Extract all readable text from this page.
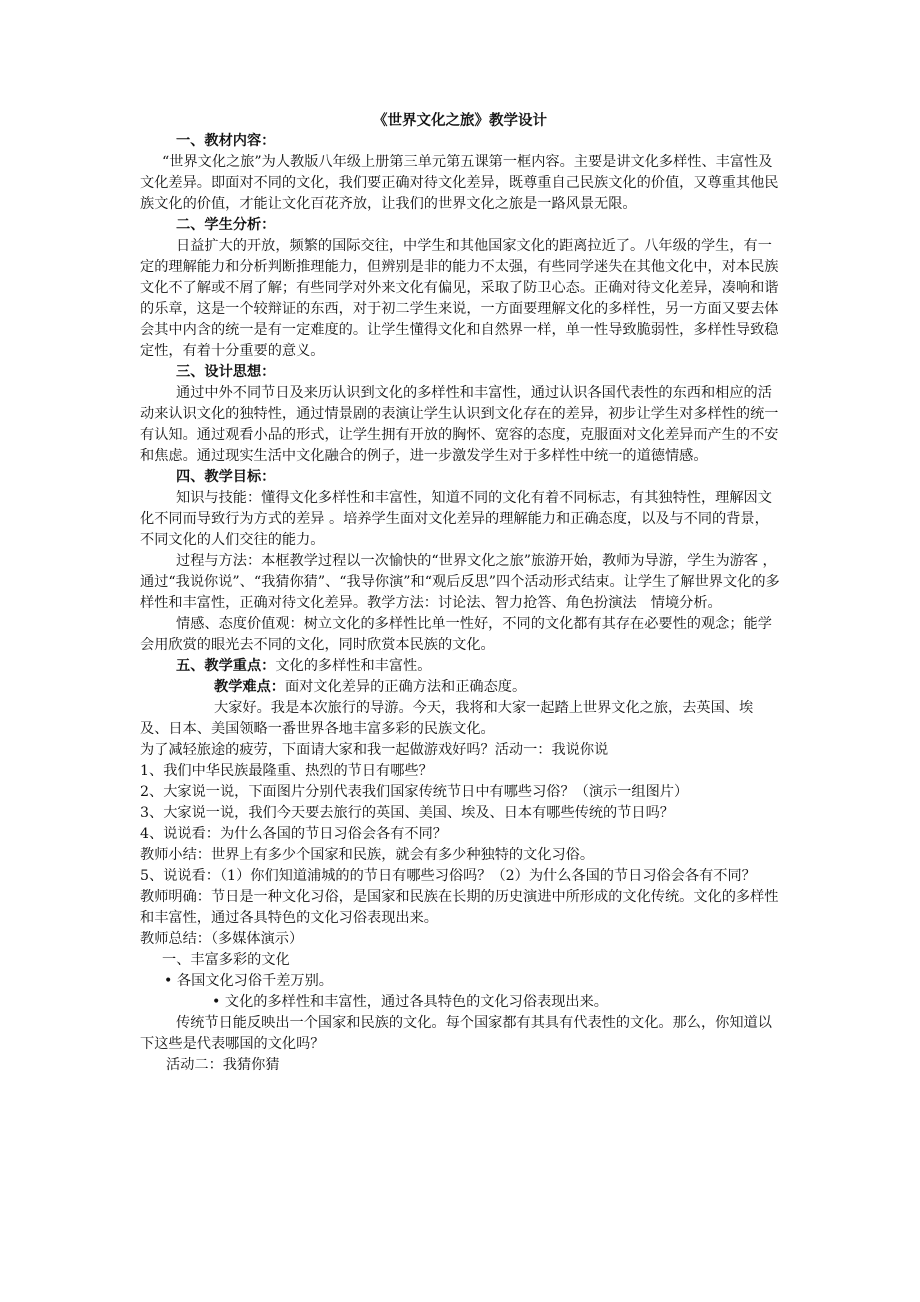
《世界文化之旅》教学设计

一、教材内容：

“世界文化之旅”为人教版八年级上册第三单元第五课第一框内容。主要是讲文化多样性、丰富性及文化差异。即面对不同的文化，我们要正确对待文化差异，既尊重自己民族文化的价值，又尊重其他民族文化的价值，才能让文化百花齐放，让我们的世界文化之旅是一路风景无限。

二、学生分析：

日益扩大的开放，频繁的国际交往，中学生和其他国家文化的距离拉近了。八年级的学生，有一定的理解能力和分析判断推理能力，但辨别是非的能力不太强，有些同学迷失在其他文化中，对本民族文化不了解或不屑了解；有些同学对外来文化有偏见，采取了防卫心态。正确对待文化差异，凑响和谐的乐章，这是一个较辩证的东西，对于初二学生来说，一方面要理解文化的多样性，另一方面又要去体会其中内含的统一是有一定难度的。让学生懂得文化和自然界一样，单一性导致脆弱性，多样性导致稳定性，有着十分重要的意义。

三、设计思想：

通过中外不同节日及来历认识到文化的多样性和丰富性，通过认识各国代表性的东西和相应的活动来认识文化的独特性，通过情景剧的表演让学生认识到文化存在的差异，初步让学生对多样性的统一有认知。通过观看小品的形式，让学生拥有开放的胸怀、宽容的态度，克服面对文化差异而产生的不安和焦虑。通过现实生活中文化融合的例子，进一步激发学生对于多样性中统一的道德情感。

四、教学目标：

知识与技能：懂得文化多样性和丰富性，知道不同的文化有着不同标志，有其独特性，理解因文化不同而导致行为方式的差异 。培养学生面对文化差异的理解能力和正确态度，以及与不同的背景，不同文化的人们交往的能力。

过程与方法：本框教学过程以一次愉快的“世界文化之旅”旅游开始，教师为导游，学生为游客 ，通过“我说你说”、“我猜你猜”、“我导你演”和“观后反思”四个活动形式结束。让学生了解世界文化的多样性和丰富性，正确对待文化差异。教学方法：讨论法、智力抢答、角色扮演法　情境分析。

情感、态度价值观：树立文化的多样性比单一性好，不同的文化都有其存在必要性的观念；能学会用欣赏的眼光去不同的文化，同时欣赏本民族的文化。

五、教学重点：文化的多样性和丰富性。

教学难点：面对文化差异的正确方法和正确态度。

大家好。我是本次旅行的导游。今天，我将和大家一起踏上世界文化之旅，去英国、埃及、日本、美国领略一番世界各地丰富多彩的民族文化。

为了减轻旅途的疲劳，下面请大家和我一起做游戏好吗？活动一：我说你说

1、我们中华民族最隆重、热烈的节日有哪些？

2、大家说一说，下面图片分别代表我们国家传统节日中有哪些习俗？（演示一组图片）

3、大家说一说，我们今天要去旅行的英国、美国、埃及、日本有哪些传统的节日吗？

4、说说看：为什么各国的节日习俗会各有不同？

教师小结：世界上有多少个国家和民族，就会有多少种独特的文化习俗。

5、说说看：（1）你们知道浦城的的节日有哪些习俗吗？（2）为什么各国的节日习俗会各有不同？

教师明确：节日是一种文化习俗，是国家和民族在长期的历史演进中所形成的文化传统。文化的多样性和丰富性，通过各具特色的文化习俗表现出来。

教师总结：（多媒体演示）

一、丰富多彩的文化

• 各国文化习俗千差万别。

• 文化的多样性和丰富性，通过各具特色的文化习俗表现出来。

传统节日能反映出一个国家和民族的文化。每个国家都有其具有代表性的文化。那么，你知道以下这些是代表哪国的文化吗？

活动二：我猜你猜
